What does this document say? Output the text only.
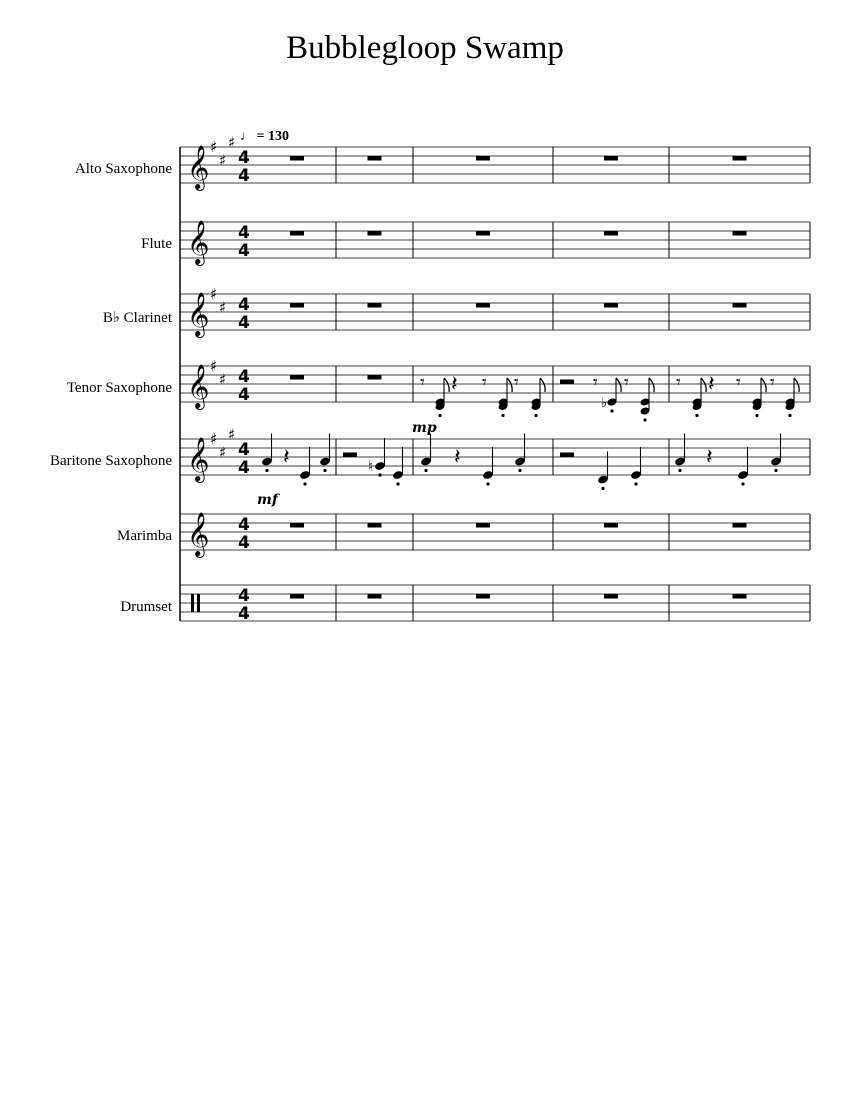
Bubblegloop Swamp
♩ = 130
Alto Saxophone
Flute
B♭ Clarinet
Tenor Saxophone
Baritone Saxophone
Marimba
Drumset
mp
mf
𝄞 ♯
♯
♯
4
4
𝄞 4
4
𝄞 ♯
♯ 4
4
𝄞 ♯
♯ 4
4
𝄞 ♯
♯
♯
4
4
𝄞 4
4
4
4
𝄽	♮	𝄽	𝄽
𝄾 𝄽 𝄾 𝄾	𝄾
♭
𝄾	𝄾 𝄽 𝄾 𝄾
